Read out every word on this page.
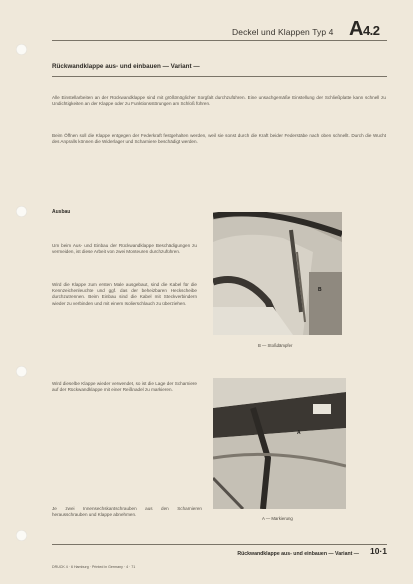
Deckel und Klappen Typ 4 A4.2
Rückwandklappe aus- und einbauen — Variant —
Alle Einstellarbeiten an der Rückwandklappe sind mit größtmöglicher Sorgfalt durchzuführen. Eine unsachgemäße Einstellung der Schließplatte kann schnell zu Undichtigkeiten an der Klappe oder zu Funktionsstörungen am Schloß führen.
Beim Öffnen soll die Klappe entgegen der Federkraft festgehalten werden, weil sie sonst durch die Kraft beider Federstäbe nach oben schnellt. Durch die Wucht des Anpralls können die Widerlager und Scharniere beschädigt werden.
Ausbau
Um beim Aus- und Einbau der Rückwandklappe Beschädigungen zu vermeiden, ist diese Arbeit von zwei Monteuren durchzuführen.
Wird die Klappe zum ersten Male ausgebaut, sind die Kabel für die Kennzeichenleuchte und ggf. das der beheizbaren Heckscheibe durchzutrennen. Beim Einbau sind die Kabel mit Steckverbindern wieder zu verbinden und mit einem Isolierschlauch zu überziehen.
Wird dieselbe Klappe wieder verwendet, so ist die Lage der Scharniere auf der Rückwandklappe mit einer Reißnadel zu markieren.
Je zwei Innensechskantschrauben aus den Scharnieren herausschrauben und Klappe abnehmen.
B
B — Stoßdämpfer
A
A — Markierung
Rückwandklappe aus- und einbauen — Variant — 10·1
DRUCK 4 · 6 Hamburg · Printed in Germany · 4 · 71
